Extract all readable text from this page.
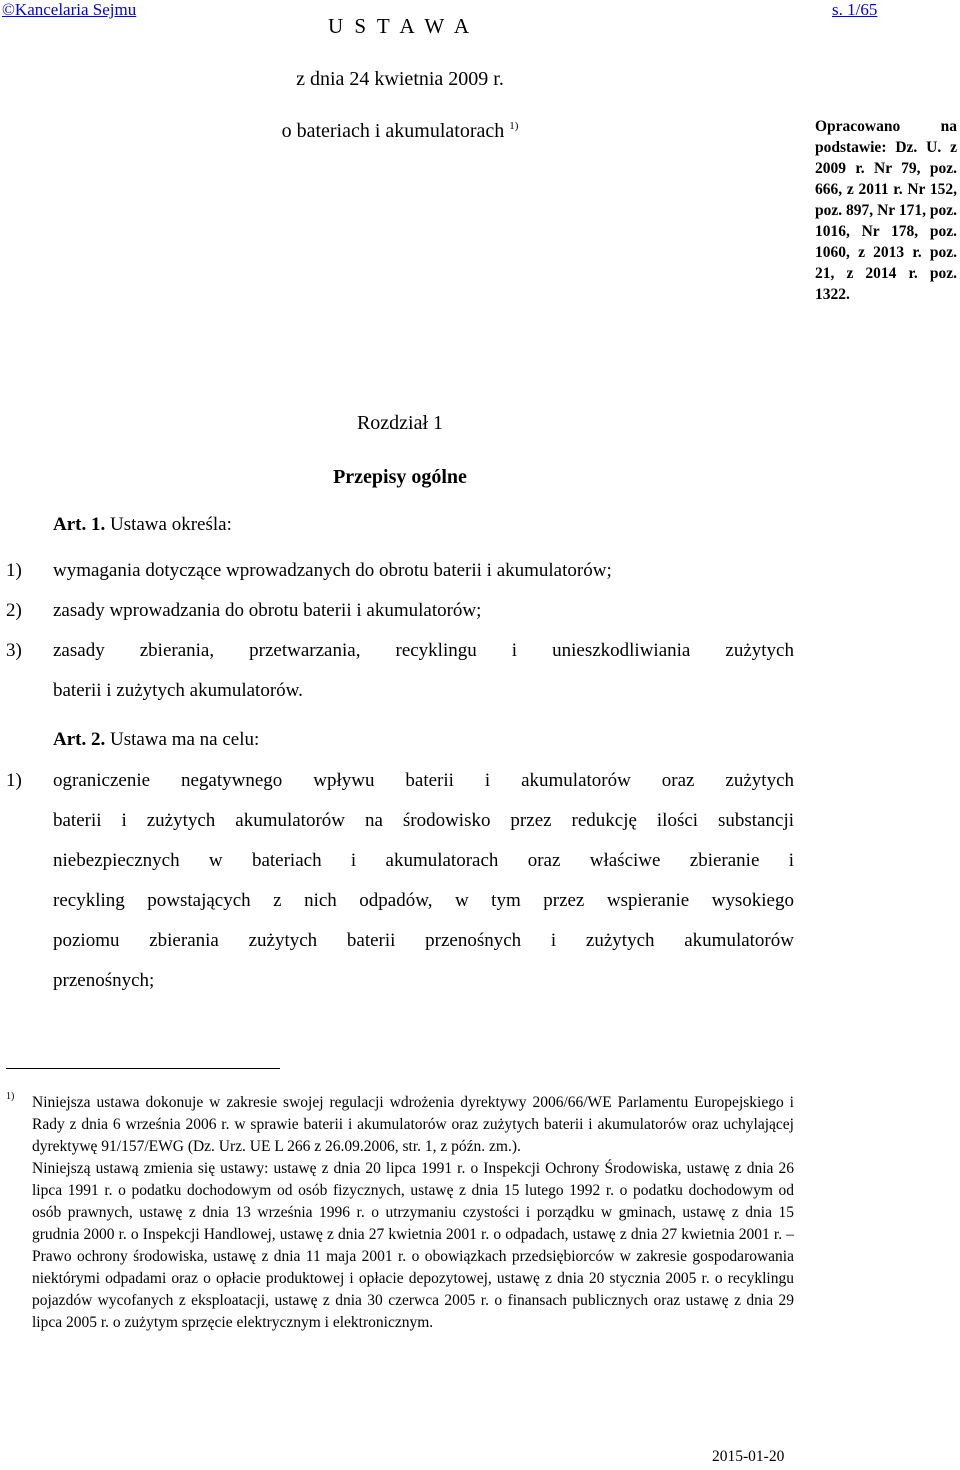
©Kancelaria Sejmu	s. 1/65
U S T A W A
z dnia 24 kwietnia 2009 r.
o bateriach i akumulatorach $^{1)}$	Opracowano na podstawie: Dz. U. z 2009 r. Nr 79, poz. 666, z 2011 r. Nr 152, poz. 897, Nr 171, poz. 1016, Nr 178, poz. 1060, z 2013 r. poz. 21, z 2014 r. poz. 1322.
Rozdział 1
Przepisy ogólne
Art. 1. Ustawa określa:
1) wymagania dotyczące wprowadzanych do obrotu baterii i akumulatorów;
2) zasady wprowadzania do obrotu baterii i akumulatorów;
3) zasady zbierania, przetwarzania, recyklingu i unieszkodliwiania zużytych
baterii i zużytych akumulatorów.
Art. 2. Ustawa ma na celu:
1) ograniczenie negatywnego wpływu baterii i akumulatorów oraz zużytych
baterii i zużytych akumulatorów na środowisko przez redukcję ilości substancji
niebezpiecznych w bateriach i akumulatorach oraz właściwe zbieranie i
recykling powstających z nich odpadów, w tym przez wspieranie wysokiego
poziomu zbierania zużytych baterii przenośnych i zużytych akumulatorów
przenośnych;
1) Niniejsza ustawa dokonuje w zakresie swojej regulacji wdrożenia dyrektywy 2006/66/WE Parlamentu Europejskiego i Rady z dnia 6 września 2006 r. w sprawie baterii i akumulatorów oraz zużytych baterii i akumulatorów oraz uchylającej dyrektywę 91/157/EWG (Dz. Urz. UE L 266 z 26.09.2006, str. 1, z późn. zm.).

Niniejszą ustawą zmienia się ustawy: ustawę z dnia 20 lipca 1991 r. o Inspekcji Ochrony Środowiska, ustawę z dnia 26 lipca 1991 r. o podatku dochodowym od osób fizycznych, ustawę z dnia 15 lutego 1992 r. o podatku dochodowym od osób prawnych, ustawę z dnia 13 września 1996 r. o utrzymaniu czystości i porządku w gminach, ustawę z dnia 15 grudnia 2000 r. o Inspekcji Handlowej, ustawę z dnia 27 kwietnia 2001 r. o odpadach, ustawę z dnia 27 kwietnia 2001 r. – Prawo ochrony środowiska, ustawę z dnia 11 maja 2001 r. o obowiązkach przedsiębiorców w zakresie gospodarowania niektórymi odpadami oraz o opłacie produktowej i opłacie depozytowej, ustawę z dnia 20 stycznia 2005 r. o recyklingu pojazdów wycofanych z eksploatacji, ustawę z dnia 30 czerwca 2005 r. o finansach publicznych oraz ustawę z dnia 29 lipca 2005 r. o zużytym sprzęcie elektrycznym i elektronicznym.

2015-01-20
